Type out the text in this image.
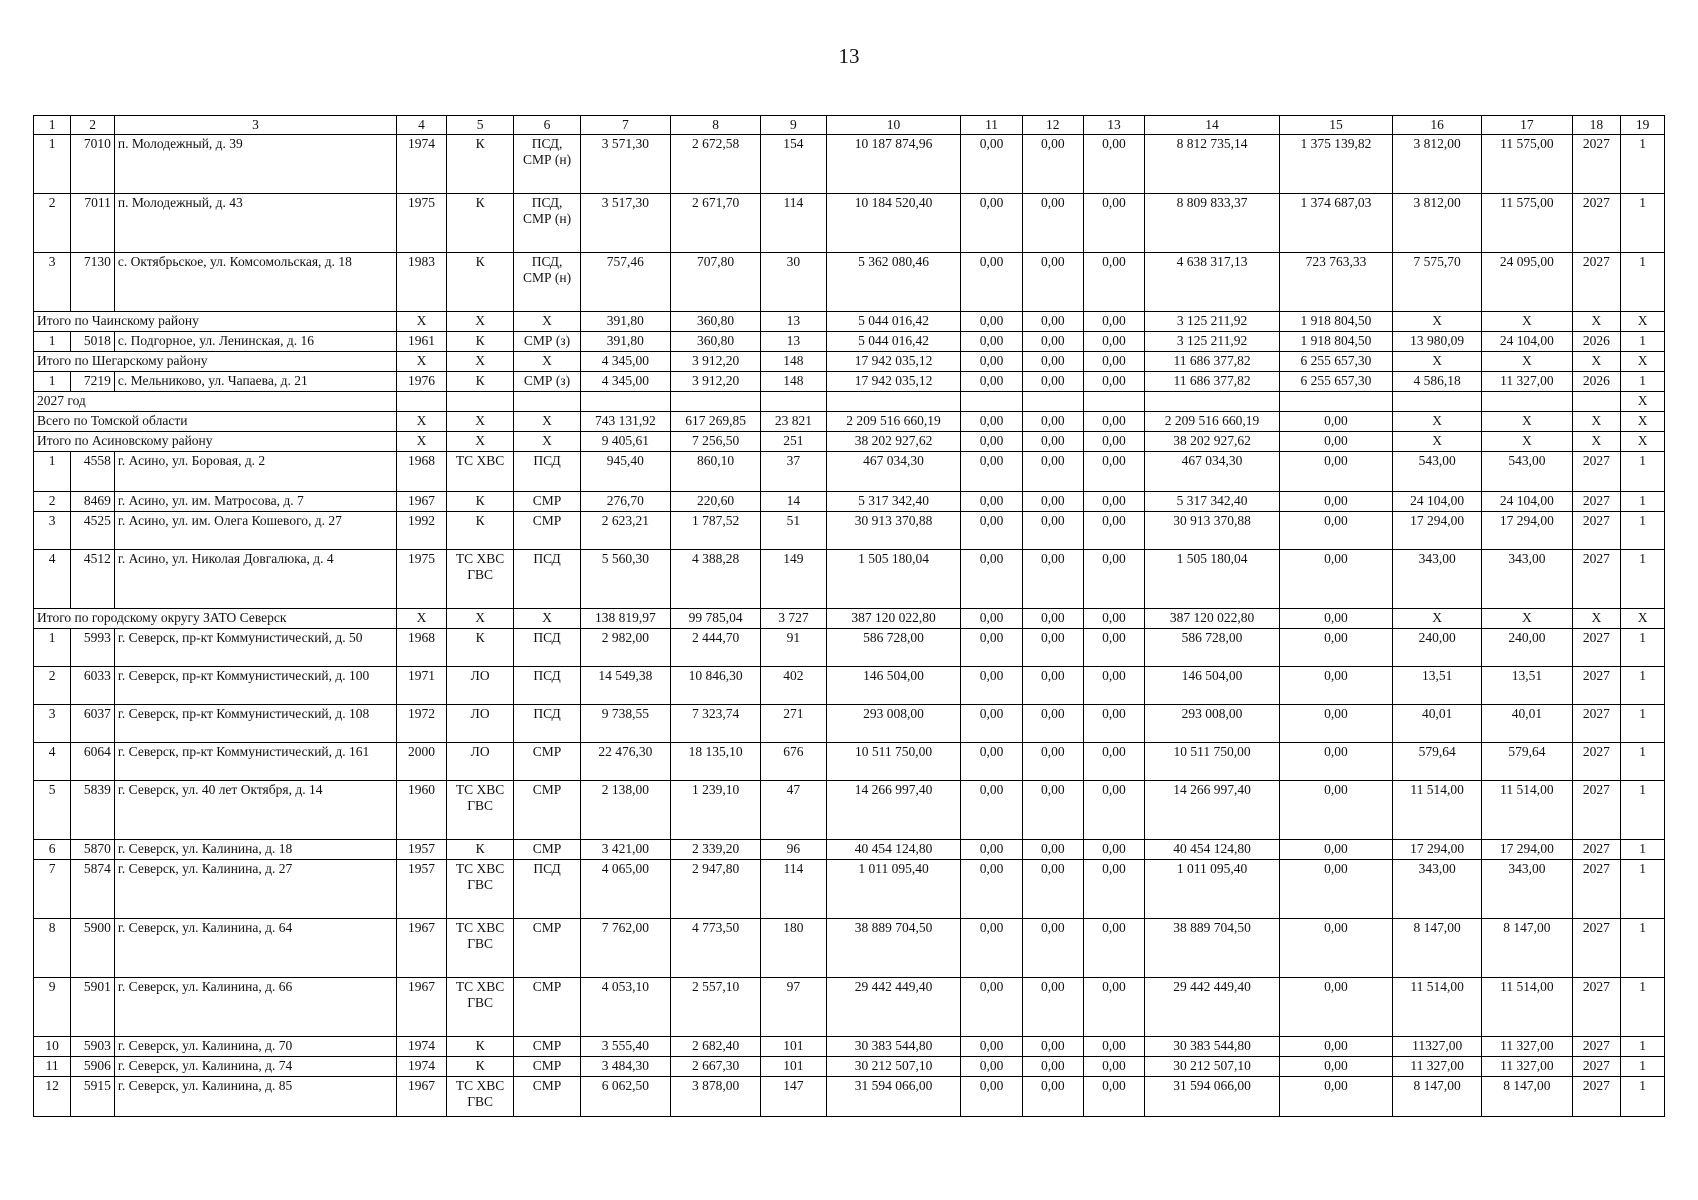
13
1	2	3	4	5	6	7	8	9	10	11	12	13	14	15	16	17	18	19
1	7010	п. Молодежный, д. 39	1974	К	ПСД,
СМР (н)	3 571,30	2 672,58	154	10 187 874,96	0,00	0,00	0,00	8 812 735,14	1 375 139,82	3 812,00	11 575,00	2027	1
2	7011	п. Молодежный, д. 43	1975	К	ПСД,
СМР (н)	3 517,30	2 671,70	114	10 184 520,40	0,00	0,00	0,00	8 809 833,37	1 374 687,03	3 812,00	11 575,00	2027	1
3	7130	с. Октябрьское, ул. Комсомольская, д. 18	1983	К	ПСД,
СМР (н)	757,46	707,80	30	5 362 080,46	0,00	0,00	0,00	4 638 317,13	723 763,33	7 575,70	24 095,00	2027	1
Итого по Чаинскому району			X	X	X	391,80	360,80	13	5 044 016,42	0,00	0,00	0,00	3 125 211,92	1 918 804,50	X	X	X	X
1	5018	с. Подгорное, ул. Ленинская, д. 16	1961	К	СМР (з)	391,80	360,80	13	5 044 016,42	0,00	0,00	0,00	3 125 211,92	1 918 804,50	13 980,09	24 104,00	2026	1
Итого по Шегарскому району			X	X	X	4 345,00	3 912,20	148	17 942 035,12	0,00	0,00	0,00	11 686 377,82	6 255 657,30	X	X	X	X
1	7219	с. Мельниково, ул. Чапаева, д. 21	1976	К	СМР (з)	4 345,00	3 912,20	148	17 942 035,12	0,00	0,00	0,00	11 686 377,82	6 255 657,30	4 586,18	11 327,00	2026	1
2027 год																		X
Всего по Томской области			X	X	X	743 131,92	617 269,85	23 821	2 209 516 660,19	0,00	0,00	0,00	2 209 516 660,19	0,00	X	X	X	X
Итого по Асиновскому району			X	X	X	9 405,61	7 256,50	251	38 202 927,62	0,00	0,00	0,00	38 202 927,62	0,00	X	X	X	X
1	4558	г. Асино, ул. Боровая, д. 2	1968	ТС ХВС	ПСД	945,40	860,10	37	467 034,30	0,00	0,00	0,00	467 034,30	0,00	543,00	543,00	2027	1
2	8469	г. Асино, ул. им. Матросова, д. 7	1967	К	СМР	276,70	220,60	14	5 317 342,40	0,00	0,00	0,00	5 317 342,40	0,00	24 104,00	24 104,00	2027	1
3	4525	г. Асино, ул. им. Олега Кошевого, д. 27	1992	К	СМР	2 623,21	1 787,52	51	30 913 370,88	0,00	0,00	0,00	30 913 370,88	0,00	17 294,00	17 294,00	2027	1
4	4512	г. Асино, ул. Николая Довгалюка, д. 4	1975	ТС ХВС
ГВС	ПСД	5 560,30	4 388,28	149	1 505 180,04	0,00	0,00	0,00	1 505 180,04	0,00	343,00	343,00	2027	1
Итого по городскому округу ЗАТО Северск			X	X	X	138 819,97	99 785,04	3 727	387 120 022,80	0,00	0,00	0,00	387 120 022,80	0,00	X	X	X	X
1	5993	г. Северск, пр-кт Коммунистический, д. 50	1968	К	ПСД	2 982,00	2 444,70	91	586 728,00	0,00	0,00	0,00	586 728,00	0,00	240,00	240,00	2027	1
2	6033	г. Северск, пр-кт Коммунистический, д. 100	1971	ЛО	ПСД	14 549,38	10 846,30	402	146 504,00	0,00	0,00	0,00	146 504,00	0,00	13,51	13,51	2027	1
3	6037	г. Северск, пр-кт Коммунистический, д. 108	1972	ЛО	ПСД	9 738,55	7 323,74	271	293 008,00	0,00	0,00	0,00	293 008,00	0,00	40,01	40,01	2027	1
4	6064	г. Северск, пр-кт Коммунистический, д. 161	2000	ЛО	СМР	22 476,30	18 135,10	676	10 511 750,00	0,00	0,00	0,00	10 511 750,00	0,00	579,64	579,64	2027	1
5	5839	г. Северск, ул. 40 лет Октября, д. 14	1960	ТС ХВС
ГВС	СМР	2 138,00	1 239,10	47	14 266 997,40	0,00	0,00	0,00	14 266 997,40	0,00	11 514,00	11 514,00	2027	1
6	5870	г. Северск, ул. Калинина, д. 18	1957	К	СМР	3 421,00	2 339,20	96	40 454 124,80	0,00	0,00	0,00	40 454 124,80	0,00	17 294,00	17 294,00	2027	1
7	5874	г. Северск, ул. Калинина, д. 27	1957	ТС ХВС
ГВС	ПСД	4 065,00	2 947,80	114	1 011 095,40	0,00	0,00	0,00	1 011 095,40	0,00	343,00	343,00	2027	1
8	5900	г. Северск, ул. Калинина, д. 64	1967	ТС ХВС
ГВС	СМР	7 762,00	4 773,50	180	38 889 704,50	0,00	0,00	0,00	38 889 704,50	0,00	8 147,00	8 147,00	2027	1
9	5901	г. Северск, ул. Калинина, д. 66	1967	ТС ХВС
ГВС	СМР	4 053,10	2 557,10	97	29 442 449,40	0,00	0,00	0,00	29 442 449,40	0,00	11 514,00	11 514,00	2027	1
10	5903	г. Северск, ул. Калинина, д. 70	1974	К	СМР	3 555,40	2 682,40	101	30 383 544,80	0,00	0,00	0,00	30 383 544,80	0,00	11327,00	11 327,00	2027	1
11	5906	г. Северск, ул. Калинина, д. 74	1974	К	СМР	3 484,30	2 667,30	101	30 212 507,10	0,00	0,00	0,00	30 212 507,10	0,00	11 327,00	11 327,00	2027	1
12	5915	г. Северск, ул. Калинина, д. 85	1967	ТС ХВС
ГВС	СМР	6 062,50	3 878,00	147	31 594 066,00	0,00	0,00	0,00	31 594 066,00	0,00	8 147,00	8 147,00	2027	1
